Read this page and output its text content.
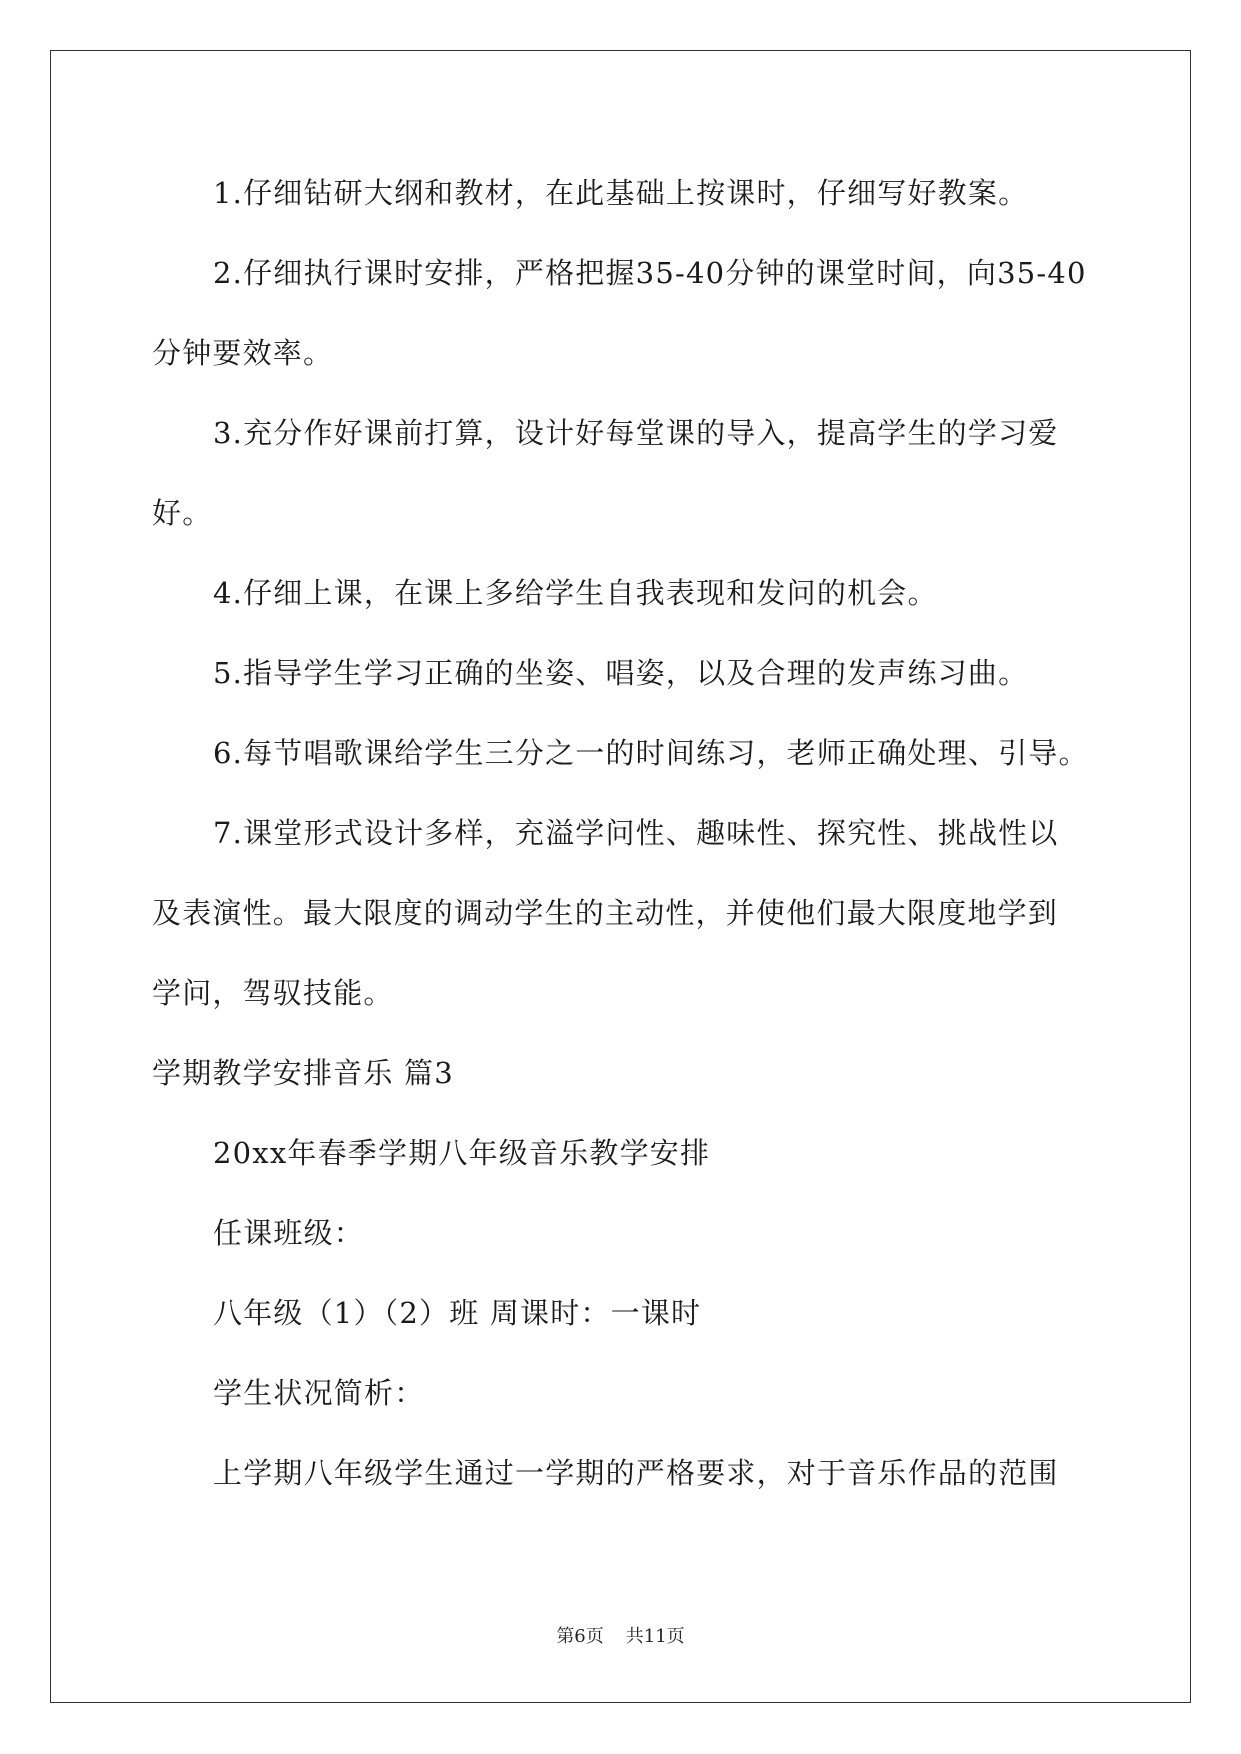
1.仔细钻研大纲和教材，在此基础上按课时，仔细写好教案。
2.仔细执行课时安排，严格把握35-40分钟的课堂时间，向35-40
分钟要效率。
3.充分作好课前打算，设计好每堂课的导入，提高学生的学习爱
好。
4.仔细上课，在课上多给学生自我表现和发问的机会。
5.指导学生学习正确的坐姿、唱姿，以及合理的发声练习曲。
6.每节唱歌课给学生三分之一的时间练习，老师正确处理、引导。
7.课堂形式设计多样，充溢学问性、趣味性、探究性、挑战性以
及表演性。最大限度的调动学生的主动性，并使他们最大限度地学到
学问，驾驭技能。
学期教学安排音乐 篇3
20xx年春季学期八年级音乐教学安排
任课班级：
八年级（1）（2）班 周课时：一课时
学生状况简析：
上学期八年级学生通过一学期的严格要求，对于音乐作品的范围
第6页 共11页
